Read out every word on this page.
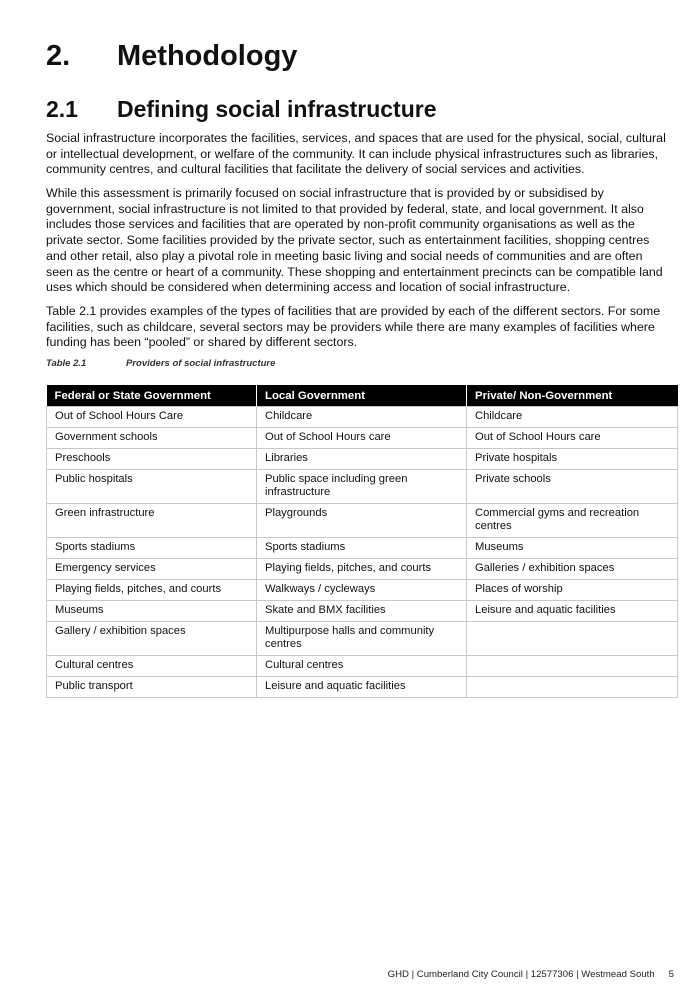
2. Methodology
2.1 Defining social infrastructure

Social infrastructure incorporates the facilities, services, and spaces that are used for the physical, social, cultural or intellectual development, or welfare of the community. It can include physical infrastructures such as libraries, community centres, and cultural facilities that facilitate the delivery of social services and activities.

While this assessment is primarily focused on social infrastructure that is provided by or subsidised by government, social infrastructure is not limited to that provided by federal, state, and local government. It also includes those services and facilities that are operated by non-profit community organisations as well as the private sector. Some facilities provided by the private sector, such as entertainment facilities, shopping centres and other retail, also play a pivotal role in meeting basic living and social needs of communities and are often seen as the centre or heart of a community. These shopping and entertainment precincts can be compatible land uses which should be considered when determining access and location of social infrastructure.

Table 2.1 provides examples of the types of facilities that are provided by each of the different sectors. For some facilities, such as childcare, several sectors may be providers while there are many examples of facilities where funding has been “pooled” or shared by different sectors.

Table 2.1	Providers of social infrastructure
Federal or State Government	Local Government	Private/ Non-Government
Out of School Hours Care	Childcare	Childcare
Government schools	Out of School Hours care	Out of School Hours care
Preschools	Libraries	Private hospitals
Public hospitals	Public space including green infrastructure	Private schools
Green infrastructure	Playgrounds	Commercial gyms and recreation centres
Sports stadiums	Sports stadiums	Museums
Emergency services	Playing fields, pitches, and courts	Galleries / exhibition spaces
Playing fields, pitches, and courts	Walkways / cycleways	Places of worship
Museums	Skate and BMX facilities	Leisure and aquatic facilities
Gallery / exhibition spaces	Multipurpose halls and community centres	
Cultural centres	Cultural centres	
Public transport	Leisure and aquatic facilities	
GHD | Cumberland City Council | 12577306 | Westmead South 5
